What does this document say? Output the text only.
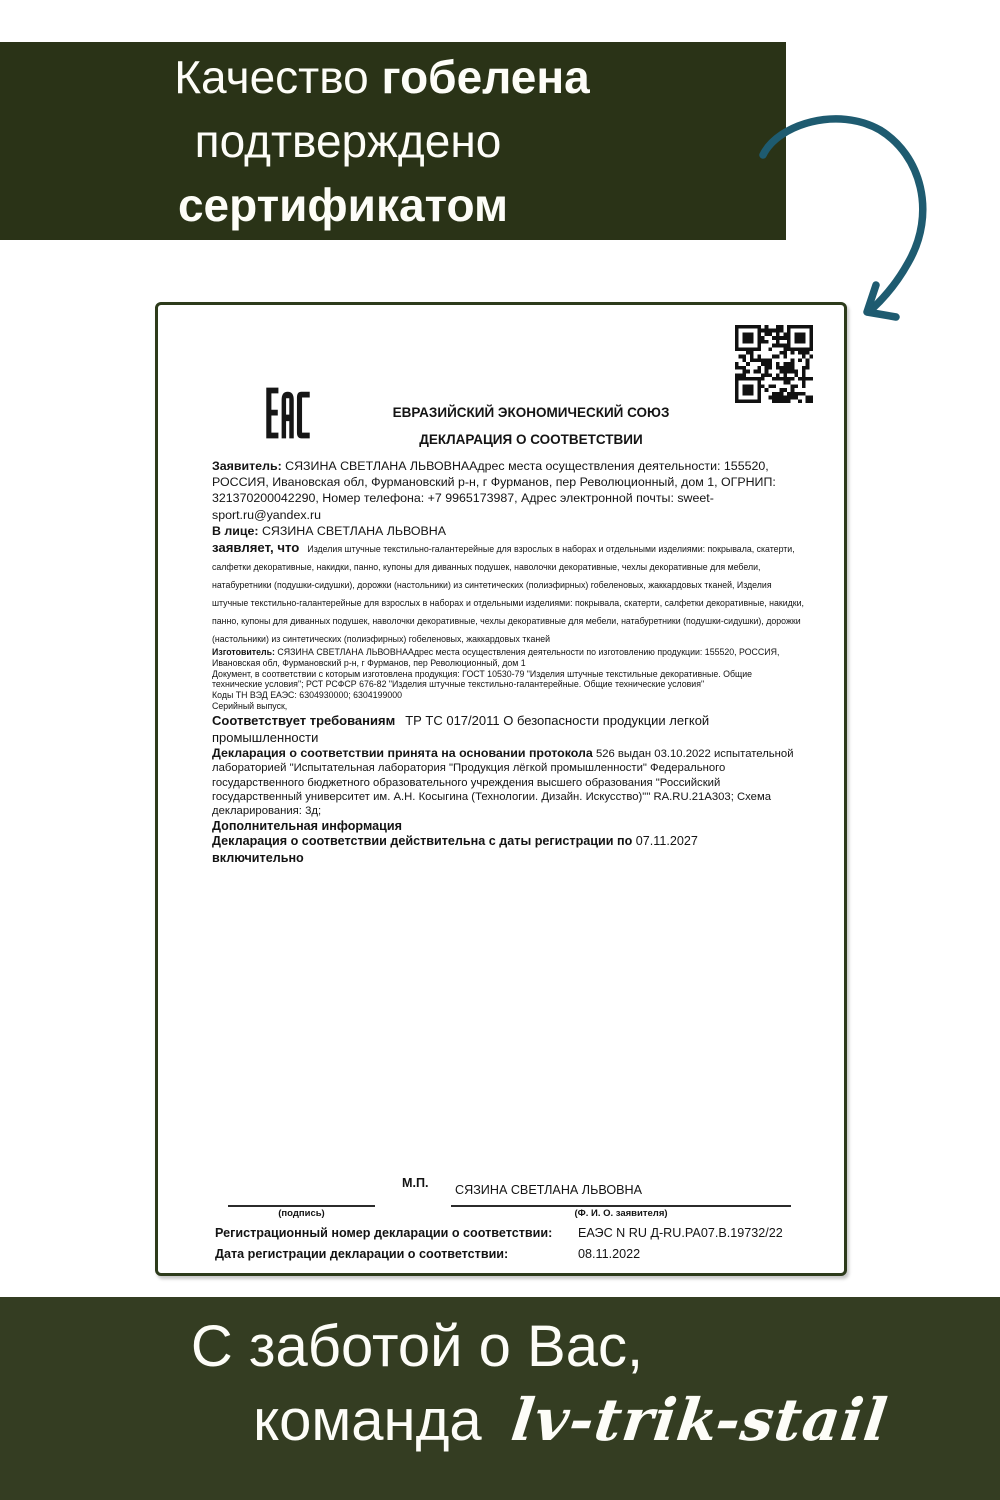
Качество гобелена
подтверждено
сертификатом
ЕВРАЗИЙСКИЙ ЭКОНОМИЧЕСКИЙ СОЮЗ
ДЕКЛАРАЦИЯ О СООТВЕТСТВИИ

Заявитель: СЯЗИНА СВЕТЛАНА ЛЬВОВНААдрес места осуществления деятельности: 155520, РОССИЯ, Ивановская обл, Фурмановский р-н, г Фурманов, пер Революционный, дом 1, ОГРНИП: 321370200042290, Номер телефона: +7 9965173987, Адрес электронной почты: sweet-sport.ru@yandex.ru

В лице: СЯЗИНА СВЕТЛАНА ЛЬВОВНА

заявляет, что Изделия штучные текстильно-галантерейные для взрослых в наборах и отдельными изделиями: покрывала, скатерти, салфетки декоративные, накидки, панно, купоны для диванных подушек, наволочки декоративные, чехлы декоративные для мебели, натабуретники (подушки-сидушки), дорожки (настольники) из синтетических (полиэфирных) гобеленовых, жаккардовых тканей, Изделия штучные текстильно-галантерейные для взрослых в наборах и отдельными изделиями: покрывала, скатерти, салфетки декоративные, накидки, панно, купоны для диванных подушек, наволочки декоративные, чехлы декоративные для мебели, натабуретники (подушки-сидушки), дорожки (настольники) из синтетических (полиэфирных) гобеленовых, жаккардовых тканей

Изготовитель: СЯЗИНА СВЕТЛАНА ЛЬВОВНААдрес места осуществления деятельности по изготовлению продукции: 155520, РОССИЯ, Ивановская обл, Фурмановский р-н, г Фурманов, пер Революционный, дом 1

Документ, в соответствии с которым изготовлена продукция: ГОСТ 10530-79 "Изделия штучные текстильные декоративные. Общие технические условия"; РСТ РСФСР 676-82 "Изделия штучные текстильно-галантерейные. Общие технические условия"

Коды ТН ВЭД ЕАЭС: 6304930000; 6304199000

Серийный выпуск,

Соответствует требованиям ТР ТС 017/2011 О безопасности продукции легкой промышленности

Декларация о соответствии принята на основании протокола 526 выдан 03.10.2022 испытательной лабораторией "Испытательная лаборатория "Продукция лёгкой промышленности" Федерального государственного бюджетного образовательного учреждения высшего образования "Российский государственный университет им. А.Н. Косыгина (Технологии. Дизайн. Искусство)"" RA.RU.21A303; Схема декларирования: 3д;

Дополнительная информация

Декларация о соответствии действительна с даты регистрации по 07.11.2027
включительно

М.П. СЯЗИНА СВЕТЛАНА ЛЬВОВНА
(подпись)	(Ф. И. О. заявителя)
Регистрационный номер декларации о соответствии: ЕАЭС N RU Д-RU.РА07.В.19732/22
Дата регистрации декларации о соответствии:	08.11.2022
С заботой о Вас,
команда lv-trik-stail
